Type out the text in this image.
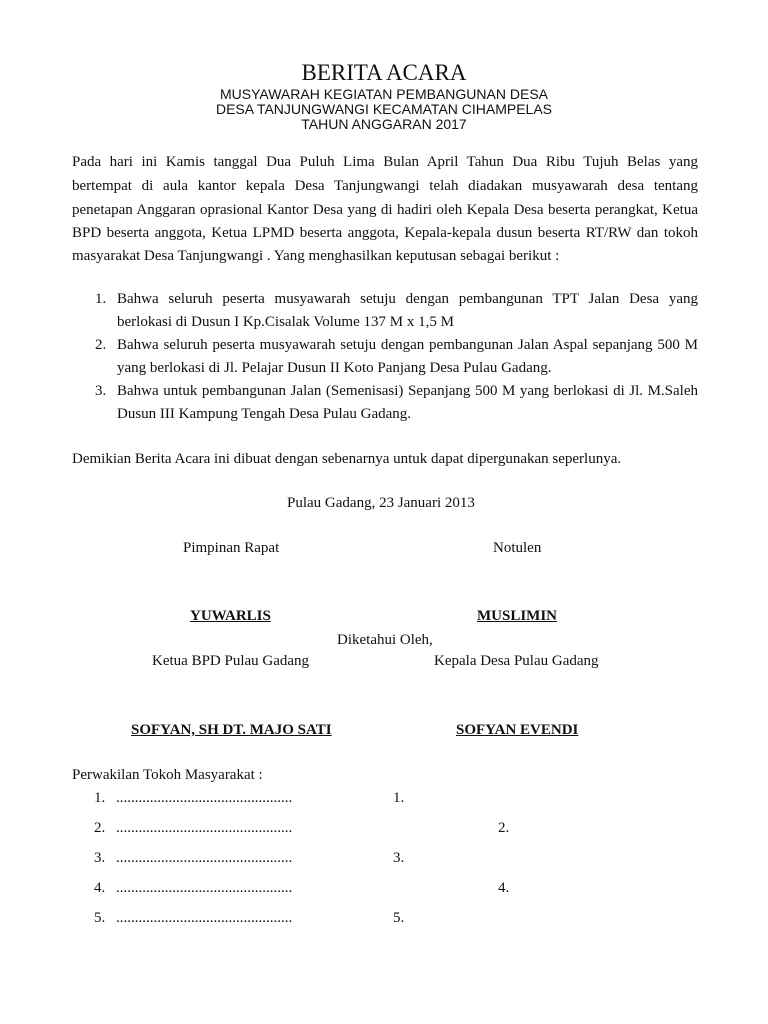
BERITA ACARA
MUSYAWARAH KEGIATAN PEMBANGUNAN DESA
DESA TANJUNGWANGI KECAMATAN CIHAMPELAS
TAHUN ANGGARAN 2017
Pada hari ini Kamis tanggal Dua Puluh Lima Bulan April Tahun Dua Ribu Tujuh Belas yang
bertempat di aula kantor kepala Desa Tanjungwangi telah diadakan musyawarah desa tentang
penetapan Anggaran oprasional Kantor Desa yang di hadiri oleh Kepala Desa beserta perangkat, Ketua
BPD beserta anggota, Ketua LPMD beserta anggota, Kepala-kepala dusun beserta RT/RW dan tokoh
masyarakat Desa Tanjungwangi . Yang menghasilkan keputusan sebagai berikut :
1. Bahwa seluruh peserta musyawarah setuju dengan pembangunan TPT Jalan Desa yang
berlokasi di Dusun I Kp.Cisalak Volume 137 M x 1,5 M
2. Bahwa seluruh peserta musyawarah setuju dengan pembangunan Jalan Aspal sepanjang 500 M
yang berlokasi di Jl. Pelajar Dusun II Koto Panjang Desa Pulau Gadang.
3. Bahwa untuk pembangunan Jalan (Semenisasi) Sepanjang 500 M yang berlokasi di Jl. M.Saleh
Dusun III Kampung Tengah Desa Pulau Gadang.
Demikian Berita Acara ini dibuat dengan sebenarnya untuk dapat dipergunakan seperlunya.
Pulau Gadang, 23 Januari 2013
Pimpinan Rapat	Notulen
YUWARLIS	MUSLIMIN
Diketahui Oleh,
Ketua BPD Pulau Gadang	Kepala Desa Pulau Gadang
SOFYAN, SH DT. MAJO SATI	SOFYAN EVENDI
Perwakilan Tokoh Masyarakat :
1. ...............................................	1.
2. ...............................................	2.
3. ...............................................	3.
4. ...............................................	4.
5. ...............................................	5.
